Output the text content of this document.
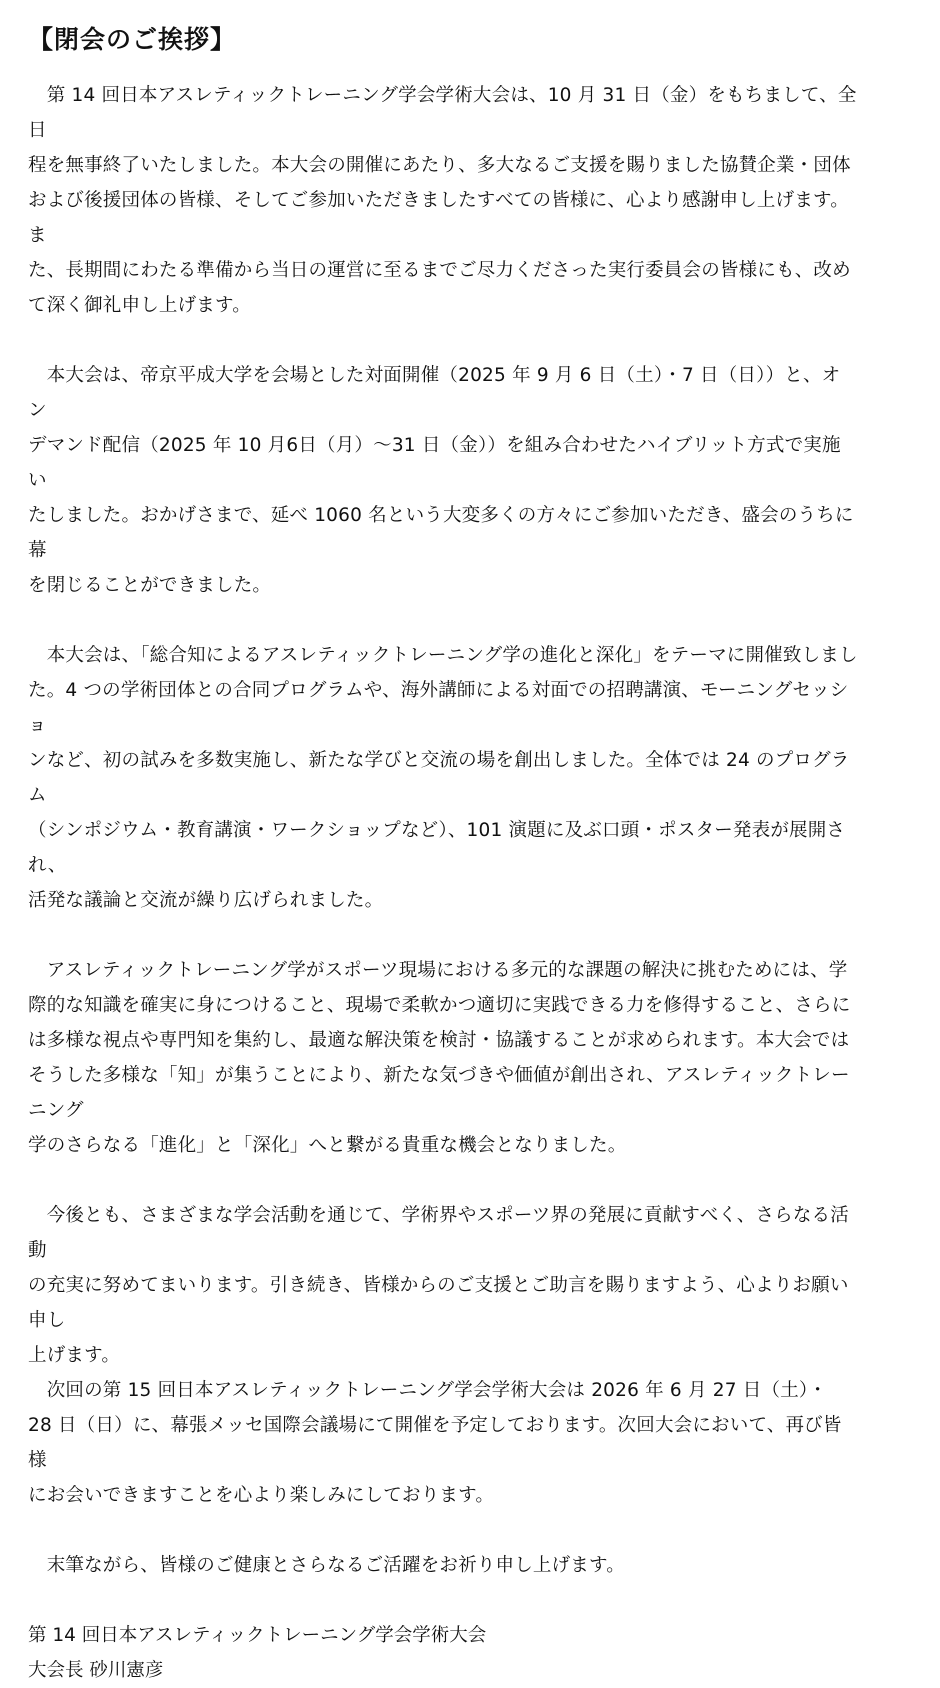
【閉会のご挨拶】

　第 14 回日本アスレティックトレーニング学会学術大会は、10 月 31 日（金）をもちまして、全日
程を無事終了いたしました。本大会の開催にあたり、多大なるご支援を賜りました協賛企業・団体
および後援団体の皆様、そしてご参加いただきましたすべての皆様に、心より感謝申し上げます。ま
た、長期間にわたる準備から当日の運営に至るまでご尽力くださった実行委員会の皆様にも、改め
て深く御礼申し上げます。

　本大会は、帝京平成大学を会場とした対面開催（2025 年 9 月 6 日（土）・7 日（日））と、オン
デマンド配信（2025 年 10 月6日（月）～31 日（金））を組み合わせたハイブリット方式で実施い
たしました。おかげさまで、延べ 1060 名という大変多くの方々にご参加いただき、盛会のうちに幕
を閉じることができました。

　本大会は、「総合知によるアスレティックトレーニング学の進化と深化」をテーマに開催致しまし
た。4 つの学術団体との合同プログラムや、海外講師による対面での招聘講演、モーニングセッショ
ンなど、初の試みを多数実施し、新たな学びと交流の場を創出しました。全体では 24 のプログラム
（シンポジウム・教育講演・ワークショップなど）、101 演題に及ぶ口頭・ポスター発表が展開され、
活発な議論と交流が繰り広げられました。

　アスレティックトレーニング学がスポーツ現場における多元的な課題の解決に挑むためには、学
際的な知識を確実に身につけること、現場で柔軟かつ適切に実践できる力を修得すること、さらに
は多様な視点や専門知を集約し、最適な解決策を検討・協議することが求められます。本大会では
そうした多様な「知」が集うことにより、新たな気づきや価値が創出され、アスレティックトレーニング
学のさらなる「進化」と「深化」へと繋がる貴重な機会となりました。

　今後とも、さまざまな学会活動を通じて、学術界やスポーツ界の発展に貢献すべく、さらなる活動
の充実に努めてまいります。引き続き、皆様からのご支援とご助言を賜りますよう、心よりお願い申し
上げます。

　次回の第 15 回日本アスレティックトレーニング学会学術大会は 2026 年 6 月 27 日（土）・
28 日（日）に、幕張メッセ国際会議場にて開催を予定しております。次回大会において、再び皆様
にお会いできますことを心より楽しみにしております。

　末筆ながら、皆様のご健康とさらなるご活躍をお祈り申し上げます。

第 14 回日本アスレティックトレーニング学会学術大会

大会長 砂川憲彦
